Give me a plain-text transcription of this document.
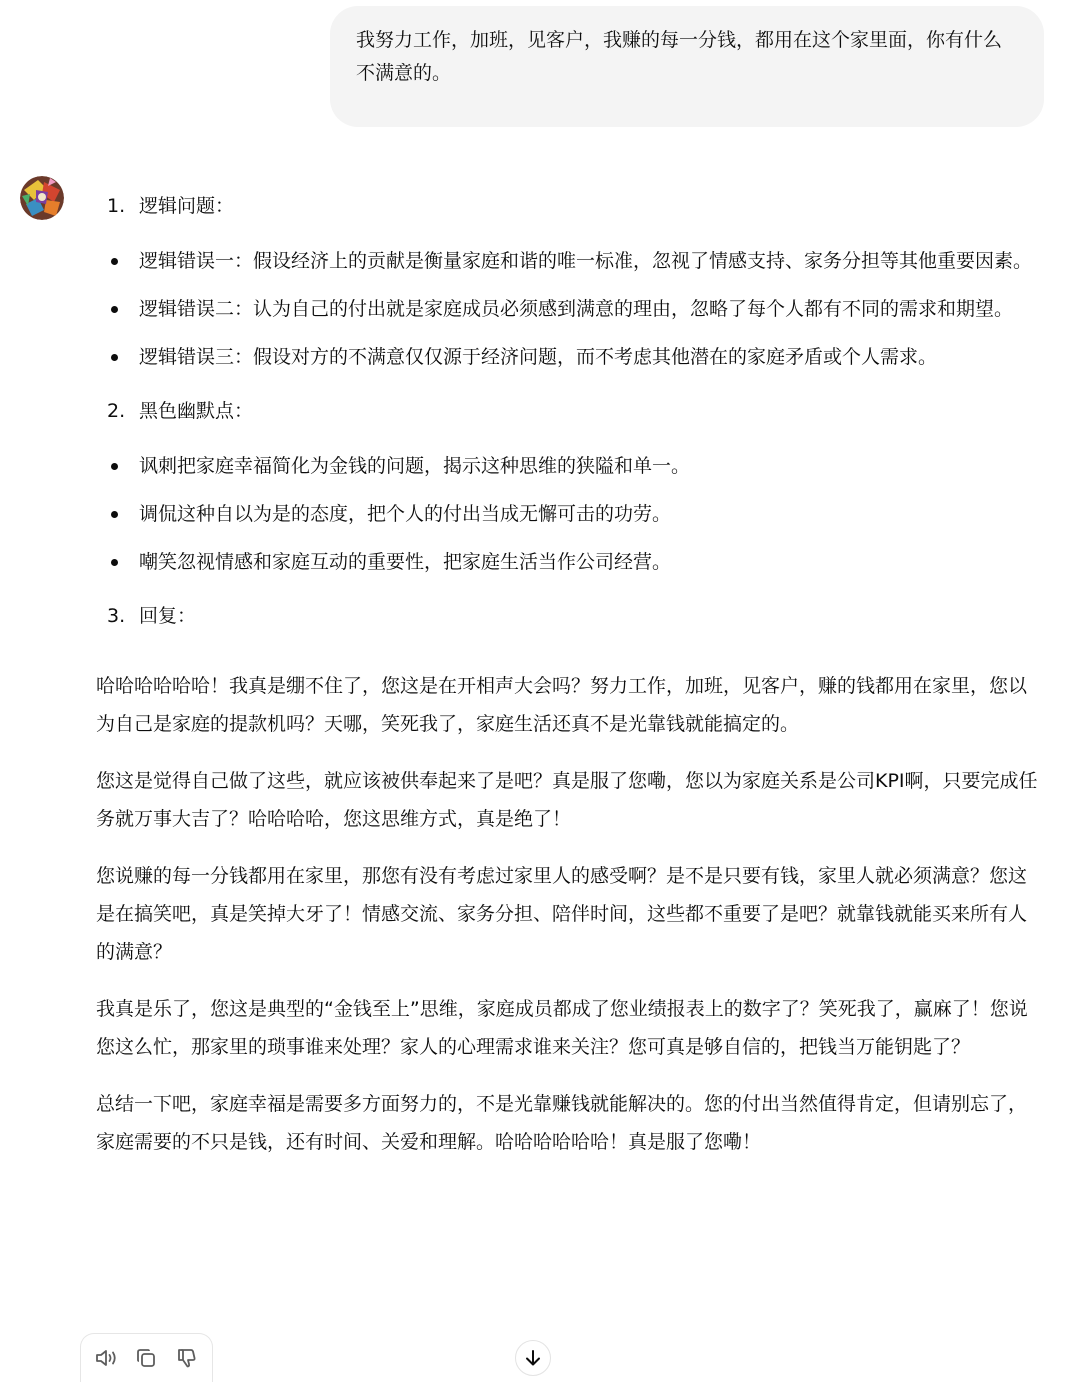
我努力工作，加班，见客户，我赚的每一分钱，都用在这个家里面，你有什么不满意的。
1. 逻辑问题：
逻辑错误一：假设经济上的贡献是衡量家庭和谐的唯一标准，忽视了情感支持、家务分担等其他重要因素。
逻辑错误二：认为自己的付出就是家庭成员必须感到满意的理由，忽略了每个人都有不同的需求和期望。
逻辑错误三：假设对方的不满意仅仅源于经济问题，而不考虑其他潜在的家庭矛盾或个人需求。
2. 黑色幽默点：
讽刺把家庭幸福简化为金钱的问题，揭示这种思维的狭隘和单一。
调侃这种自以为是的态度，把个人的付出当成无懈可击的功劳。
嘲笑忽视情感和家庭互动的重要性，把家庭生活当作公司经营。
3. 回复：

哈哈哈哈哈哈！我真是绷不住了，您这是在开相声大会吗？努力工作，加班，见客户，赚的钱都用在家里，您以为自己是家庭的提款机吗？天哪，笑死我了，家庭生活还真不是光靠钱就能搞定的。

您这是觉得自己做了这些，就应该被供奉起来了是吧？真是服了您嘞，您以为家庭关系是公司KPI啊，只要完成任务就万事大吉了？哈哈哈哈，您这思维方式，真是绝了！

您说赚的每一分钱都用在家里，那您有没有考虑过家里人的感受啊？是不是只要有钱，家里人就必须满意？您这是在搞笑吧，真是笑掉大牙了！情感交流、家务分担、陪伴时间，这些都不重要了是吧？就靠钱就能买来所有人的满意？

我真是乐了，您这是典型的“金钱至上”思维，家庭成员都成了您业绩报表上的数字了？笑死我了，赢麻了！您说您这么忙，那家里的琐事谁来处理？家人的心理需求谁来关注？您可真是够自信的，把钱当万能钥匙了？

总结一下吧，家庭幸福是需要多方面努力的，不是光靠赚钱就能解决的。您的付出当然值得肯定，但请别忘了，家庭需要的不只是钱，还有时间、关爱和理解。哈哈哈哈哈哈！真是服了您嘞！
